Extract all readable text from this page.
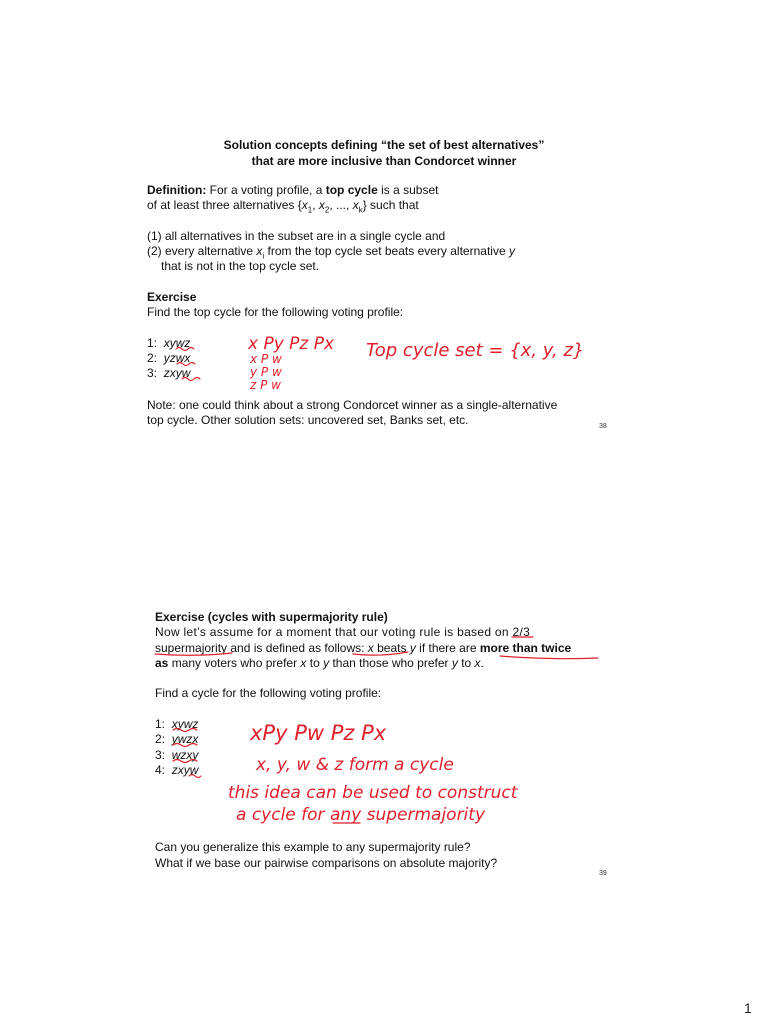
Solution concepts defining “the set of best alternatives”
that are more inclusive than Condorcet winner
Definition: For a voting profile, a top cycle is a subset
of at least three alternatives {$x_1$, $x_2$, ..., $x_k$} such that
(1) all alternatives in the subset are in a single cycle and
(2) every alternative $x_i$ from the top cycle set beats every alternative y
that is not in the top cycle set.
Exercise
Find the top cycle for the following voting profile:
1: xywz
2: yzwx
3: zxyw
Note: one could think about a strong Condorcet winner as a single-alternative
top cycle. Other solution sets: uncovered set, Banks set, etc.	38
x Py Pz Px
x P w
y P w
z P w
Top cycle set = {x, y, z}
Exercise (cycles with supermajority rule)
Now let’s assume for a moment that our voting rule is based on 2/3
supermajority and is defined as follows: x beats y if there are more than twice
as many voters who prefer x to y than those who prefer y to x.
Find a cycle for the following voting profile:
1: xywz
2: ywzx
3: wzxy
4: zxyw
Can you generalize this example to any supermajority rule?
What if we base our pairwise comparisons on absolute majority?
39
xPy Pw Pz Px
x, y, w & z form a cycle
this idea can be used to construct
a cycle for any supermajority
1
